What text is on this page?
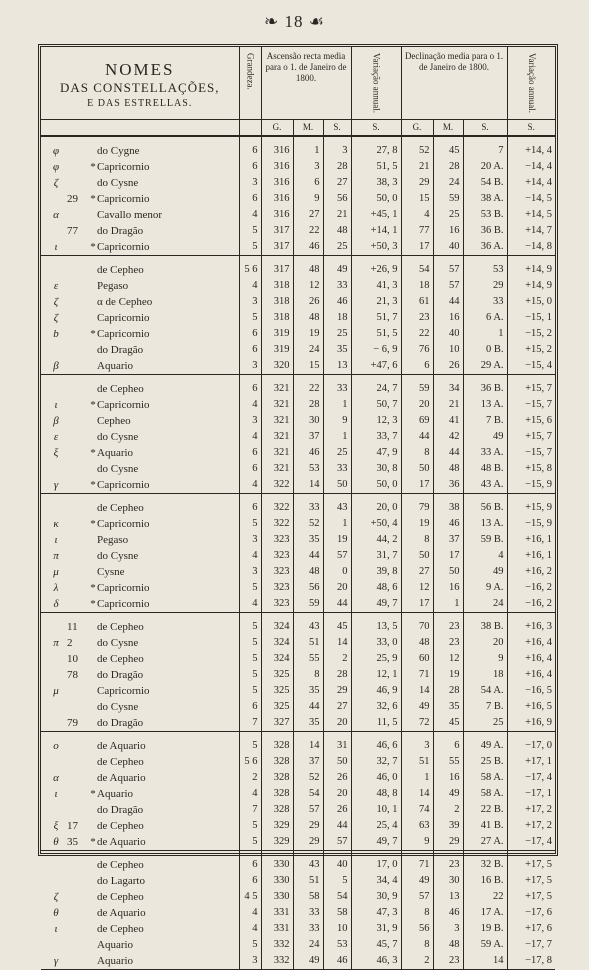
❧ 18 ☙
NOMES
DAS CONSTELLAÇÕES,
E DAS ESTRELLAS.	Grandeza.	Ascensão recta media para o 1. de Janeiro de 1800.			Variação annual.	Declinação media para o 1. de Janeiro de 1800.			Variação annual.

		G.	M.	S.	S.	G.	M.	S.	S.
φ do Cygne	6	316	1	3	27, 8	52	45	7	+14, 4
φ *Capricornio	6	316	3	28	51, 5	21	28	20 A.	−14, 4
ζ do Cysne	3	316	6	27	38, 3	29	24	54 B.	+14, 4
29 *Capricornio	6	316	9	56	50, 0	15	59	38 A.	−14, 5
α Cavallo menor	4	316	27	21	+45, 1	4	25	53 B.	+14, 5
77 do Dragão	5	317	22	48	+14, 1	77	16	36 B.	+14, 7
ι *Capricornio	5	317	46	25	+50, 3	17	40	36 A.	−14, 8
de Cepheo	5 6	317	48	49	+26, 9	54	57	53	+14, 9
ε Pegaso	4	318	12	33	41, 3	18	57	29	+14, 9
ζ α de Cepheo	3	318	26	46	21, 3	61	44	33	+15, 0
ζ Capricornio	5	318	48	18	51, 7	23	16	6 A.	−15, 1
b *Capricornio	6	319	19	25	51, 5	22	40	1	−15, 2
do Dragão	6	319	24	35	− 6, 9	76	10	0 B.	+15, 2
β Aquario	3	320	15	13	+47, 6	6	26	29 A.	−15, 4
de Cepheo	6	321	22	33	24, 7	59	34	36 B.	+15, 7
ι *Capricornio	4	321	28	1	50, 7	20	21	13 A.	−15, 7
β Cepheo	3	321	30	9	12, 3	69	41	7 B.	+15, 6
ε do Cysne	4	321	37	1	33, 7	44	42	49	+15, 7
ξ *Aquario	6	321	46	25	47, 9	8	44	33 A.	−15, 7
do Cysne	6	321	53	33	30, 8	50	48	48 B.	+15, 8
γ *Capricornio	4	322	14	50	50, 0	17	36	43 A.	−15, 9
de Cepheo	6	322	33	43	20, 0	79	38	56 B.	+15, 9
κ *Capricornio	5	322	52	1	+50, 4	19	46	13 A.	−15, 9
ι Pegaso	3	323	35	19	44, 2	8	37	59 B.	+16, 1
π do Cysne	4	323	44	57	31, 7	50	17	4	+16, 1
μ Cysne	3	323	48	0	39, 8	27	50	49	+16, 2
λ *Capricornio	5	323	56	20	48, 6	12	16	9 A.	−16, 2
δ *Capricornio	4	323	59	44	49, 7	17	1	24	−16, 2
11 de Cepheo	5	324	43	45	13, 5	70	23	38 B.	+16, 3
π 2 do Cysne	5	324	51	14	33, 0	48	23	20	+16, 4
10 de Cepheo	5	324	55	2	25, 9	60	12	9	+16, 4
78 do Dragão	5	325	8	28	12, 1	71	19	18	+16, 4
μ Capricornio	5	325	35	29	46, 9	14	28	54 A.	−16, 5
do Cysne	6	325	44	27	32, 6	49	35	7 B.	+16, 5
79 do Dragão	7	327	35	20	11, 5	72	45	25	+16, 9
ο de Aquario	5	328	14	31	46, 6	3	6	49 A.	−17, 0
de Cepheo	5 6	328	37	50	32, 7	51	55	25 B.	+17, 1
α de Aquario	2	328	52	26	46, 0	1	16	58 A.	−17, 4
ι *Aquario	4	328	54	20	48, 8	14	49	58 A.	−17, 1
do Dragão	7	328	57	26	10, 1	74	2	22 B.	+17, 2
ξ 17 de Cepheo	5	329	29	44	25, 4	63	39	41 B.	+17, 2
θ 35 *de Aquario	5	329	29	57	49, 7	9	29	27 A.	−17, 4
de Cepheo	6	330	43	40	17, 0	71	23	32 B.	+17, 5
do Lagarto	6	330	51	5	34, 4	49	30	16 B.	+17, 5
ζ de Cepheo	4 5	330	58	54	30, 9	57	13	22	+17, 5
θ de Aquario	4	331	33	58	47, 3	8	46	17 A.	−17, 6
ι de Cepheo	4	331	33	10	31, 9	56	3	19 B.	+17, 6
Aquario	5	332	24	53	45, 7	8	48	59 A.	−17, 7
γ Aquario	3	332	49	46	46, 3	2	23	14	−17, 8
